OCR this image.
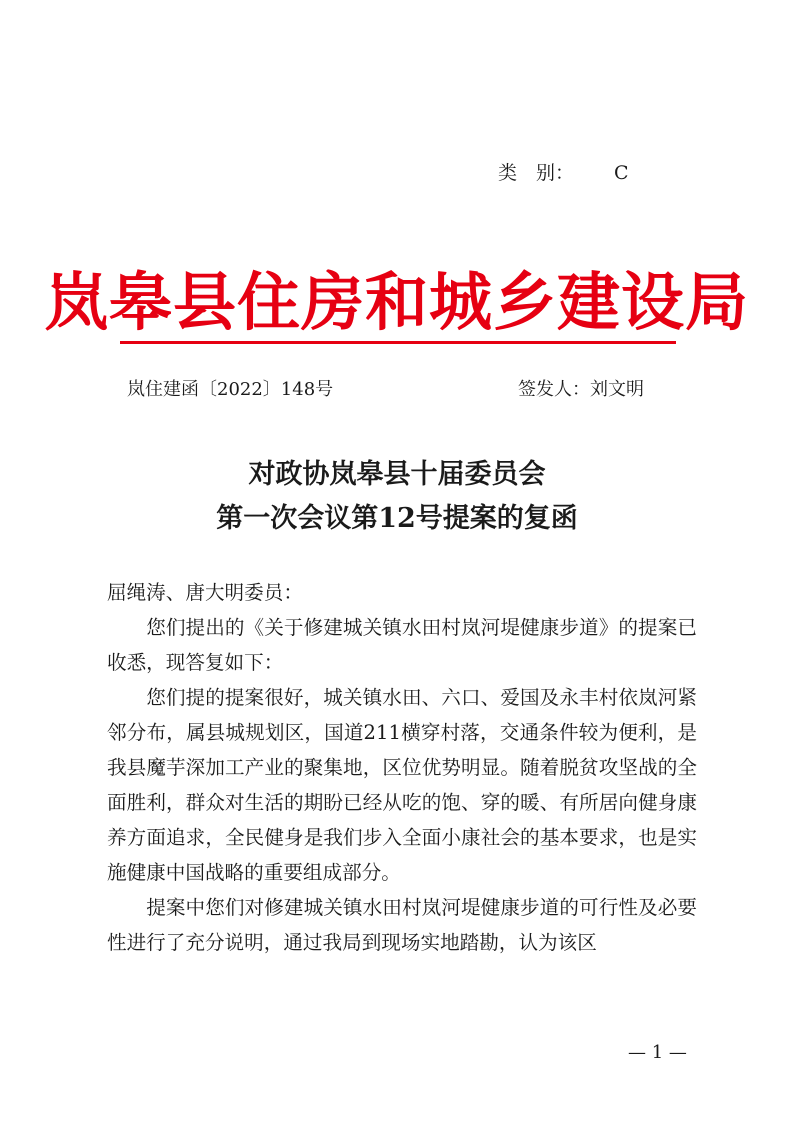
类　别： C
岚皋县住房和城乡建设局
岚住建函〔2022〕148号	签发人：刘文明
对政协岚皋县十届委员会
第一次会议第12号提案的复函

屈绳涛、唐大明委员：

您们提出的《关于修建城关镇水田村岚河堤健康步道》的提案已收悉，现答复如下：

您们提的提案很好，城关镇水田、六口、爱国及永丰村依岚河紧邻分布，属县城规划区，国道211横穿村落，交通条件较为便利，是我县魔芋深加工产业的聚集地，区位优势明显。随着脱贫攻坚战的全面胜利，群众对生活的期盼已经从吃的饱、穿的暖、有所居向健身康养方面追求，全民健身是我们步入全面小康社会的基本要求，也是实施健康中国战略的重要组成部分。

提案中您们对修建城关镇水田村岚河堤健康步道的可行性及必要性进行了充分说明，通过我局到现场实地踏勘，认为该区

— 1 —
